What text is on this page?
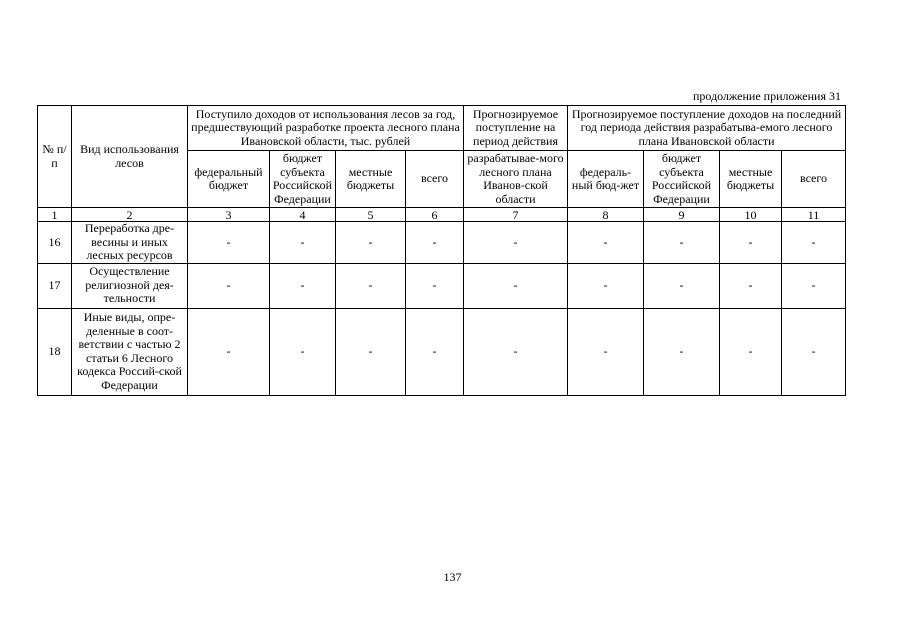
продолжение приложения 31
№ п/п	Вид использования лесов	Поступило доходов от использования лесов за год, предшествующий разработке проекта лесного плана Ивановской области, тыс. рублей				Прогнозируемое поступление на период действия	Прогнозируемое поступление доходов на последний год периода действия разрабатыва-емого лесного плана Ивановской области			
		федеральный бюджет	бюджет субъекта Российской Федерации	местные бюджеты	всего	разрабатывае-мого лесного плана Иванов-ской области	федераль-ный бюд-жет	бюджет субъекта Российской Федерации	местные бюджеты	всего
1	2	3	4	5	6	7	8	9	10	11
16	Переработка дре-весины и иных лесных ресурсов	-	-	-	-	-	-	-	-	-
17	Осуществление религиозной дея-тельности	-	-	-	-	-	-	-	-	-
18	Иные виды, опре-деленные в соот-ветствии с частью 2 статьи 6 Лесного кодекса Россий-ской Федерации	-	-	-	-	-	-	-	-	-
137
